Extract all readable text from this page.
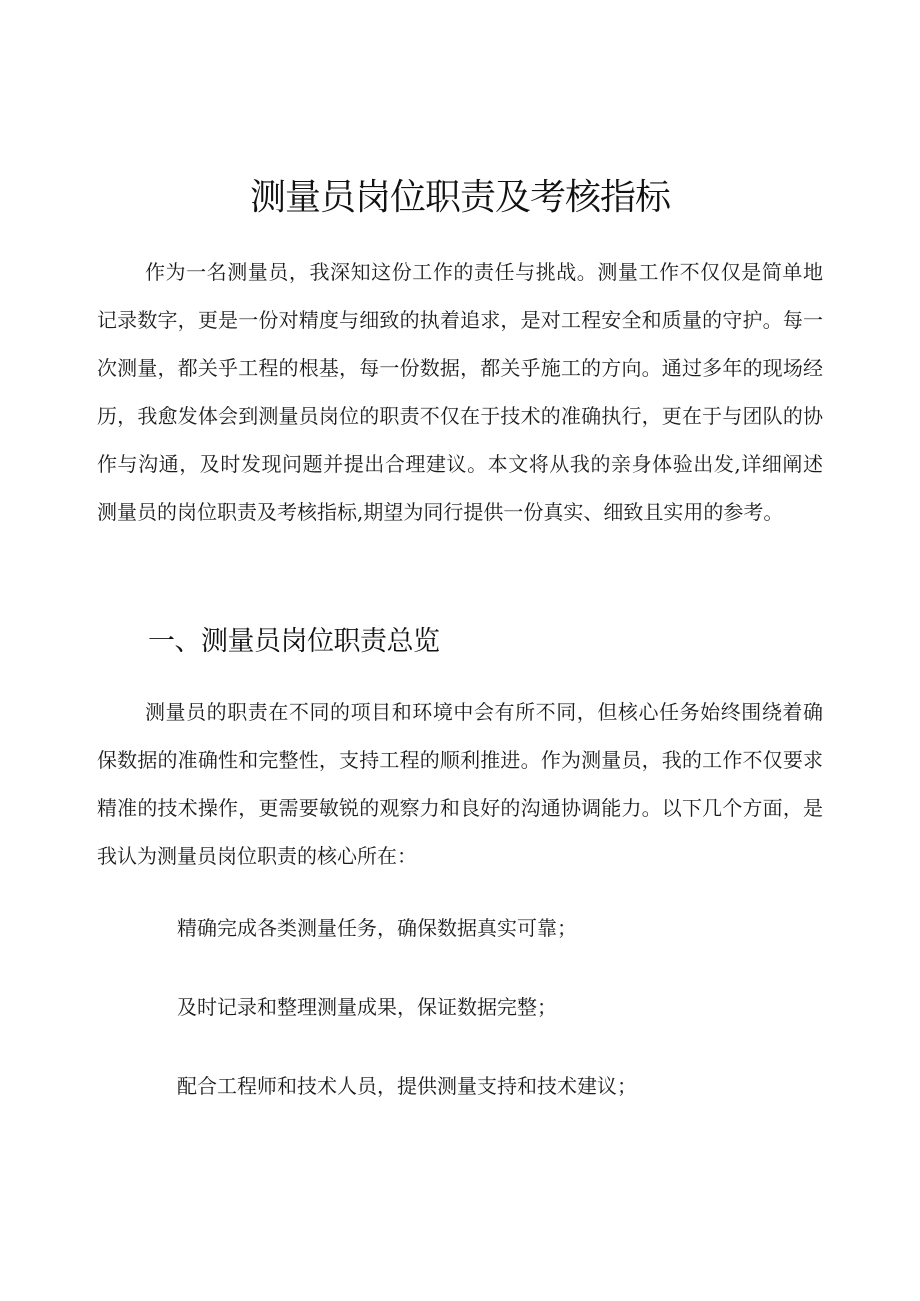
测量员岗位职责及考核指标

作为一名测量员，我深知这份工作的责任与挑战。测量工作不仅仅是简单地记录数字，更是一份对精度与细致的执着追求，是对工程安全和质量的守护。每一次测量，都关乎工程的根基，每一份数据，都关乎施工的方向。通过多年的现场经历，我愈发体会到测量员岗位的职责不仅在于技术的准确执行，更在于与团队的协作与沟通，及时发现问题并提出合理建议。本文将从我的亲身体验出发,详细阐述测量员的岗位职责及考核指标,期望为同行提供一份真实、细致且实用的参考。

一、测量员岗位职责总览

测量员的职责在不同的项目和环境中会有所不同，但核心任务始终围绕着确保数据的准确性和完整性，支持工程的顺利推进。作为测量员，我的工作不仅要求精准的技术操作，更需要敏锐的观察力和良好的沟通协调能力。以下几个方面，是我认为测量员岗位职责的核心所在：

精确完成各类测量任务，确保数据真实可靠；
及时记录和整理测量成果，保证数据完整；
配合工程师和技术人员，提供测量支持和技术建议；
